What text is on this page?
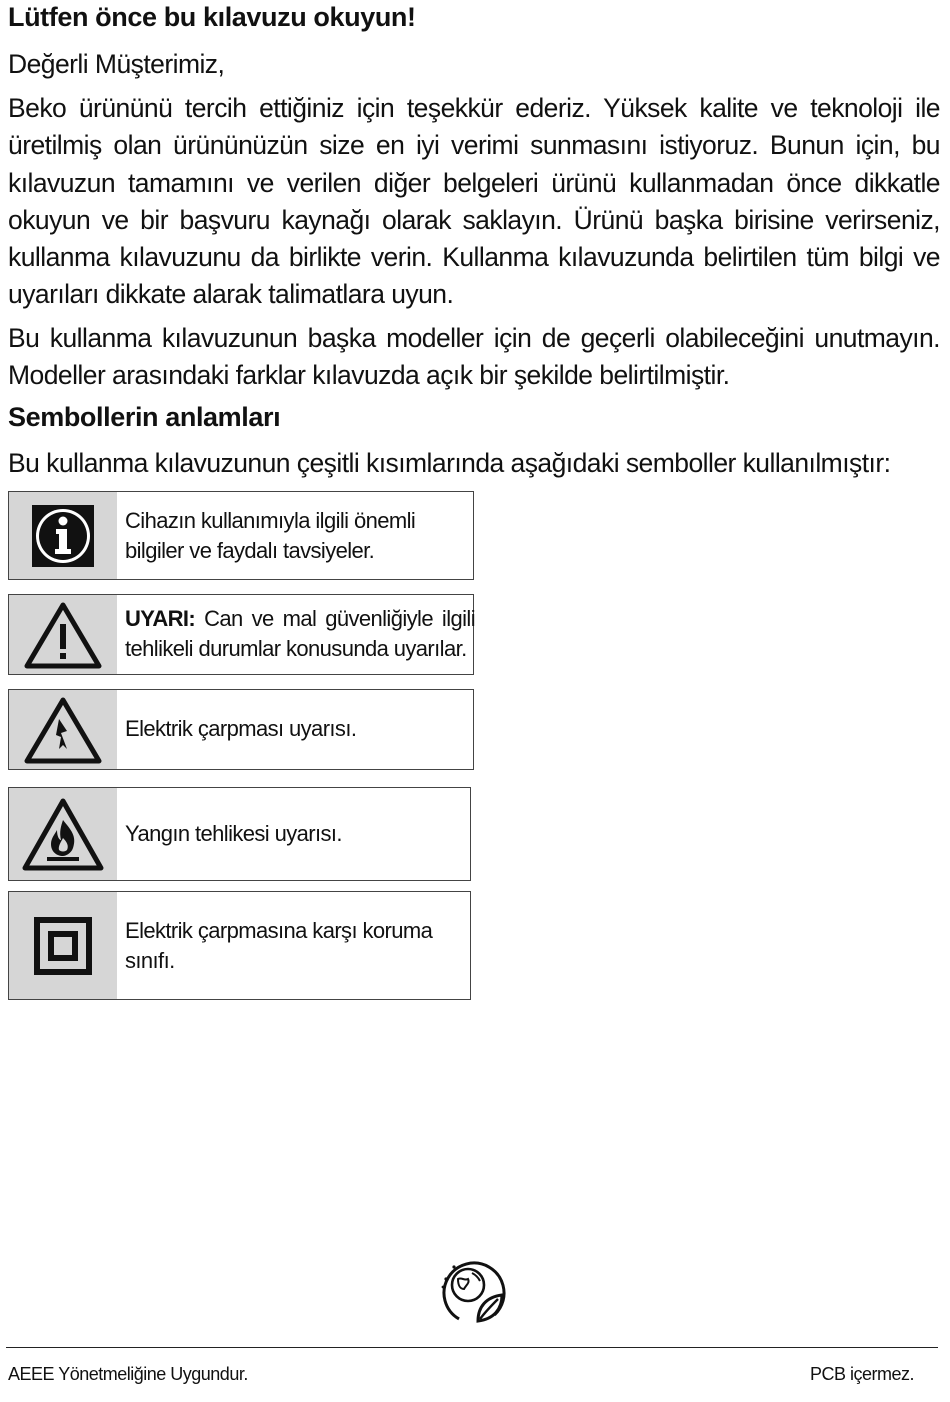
Lütfen önce bu kılavuzu okuyun!

Değerli Müşterimiz,

Beko ürününü tercih ettiğiniz için teşekkür ederiz. Yüksek kalite ve teknoloji ile üretilmiş olan ürününüzün size en iyi verimi sunmasını istiyoruz. Bunun için, bu kılavuzun tamamını ve verilen diğer belgeleri ürünü kullanmadan önce dikkatle okuyun ve bir başvuru kaynağı olarak saklayın. Ürünü başka birisine verirseniz, kullanma kılavuzunu da birlikte verin. Kullanma kılavuzunda belirtilen tüm bilgi ve uyarıları dikkate alarak talimatlara uyun.

Bu kullanma kılavuzunun başka modeller için de geçerli olabileceğini unutmayın. Modeller arasındaki farklar kılavuzda açık bir şekilde belirtilmiştir.

Sembollerin anlamları

Bu kullanma kılavuzunun çeşitli kısımlarında aşağıdaki semboller kullanılmıştır:

Cihazın kullanımıyla ilgili önemli bilgiler ve faydalı tavsiyeler.
UYARI: Can ve mal güvenliğiyle ilgili tehlikeli durumlar konusunda uyarılar.
Elektrik çarpması uyarısı.
Yangın tehlikesi uyarısı.
Elektrik çarpmasına karşı koruma sınıfı.
AEEE Yönetmeliğine Uygundur.	PCB içermez.
